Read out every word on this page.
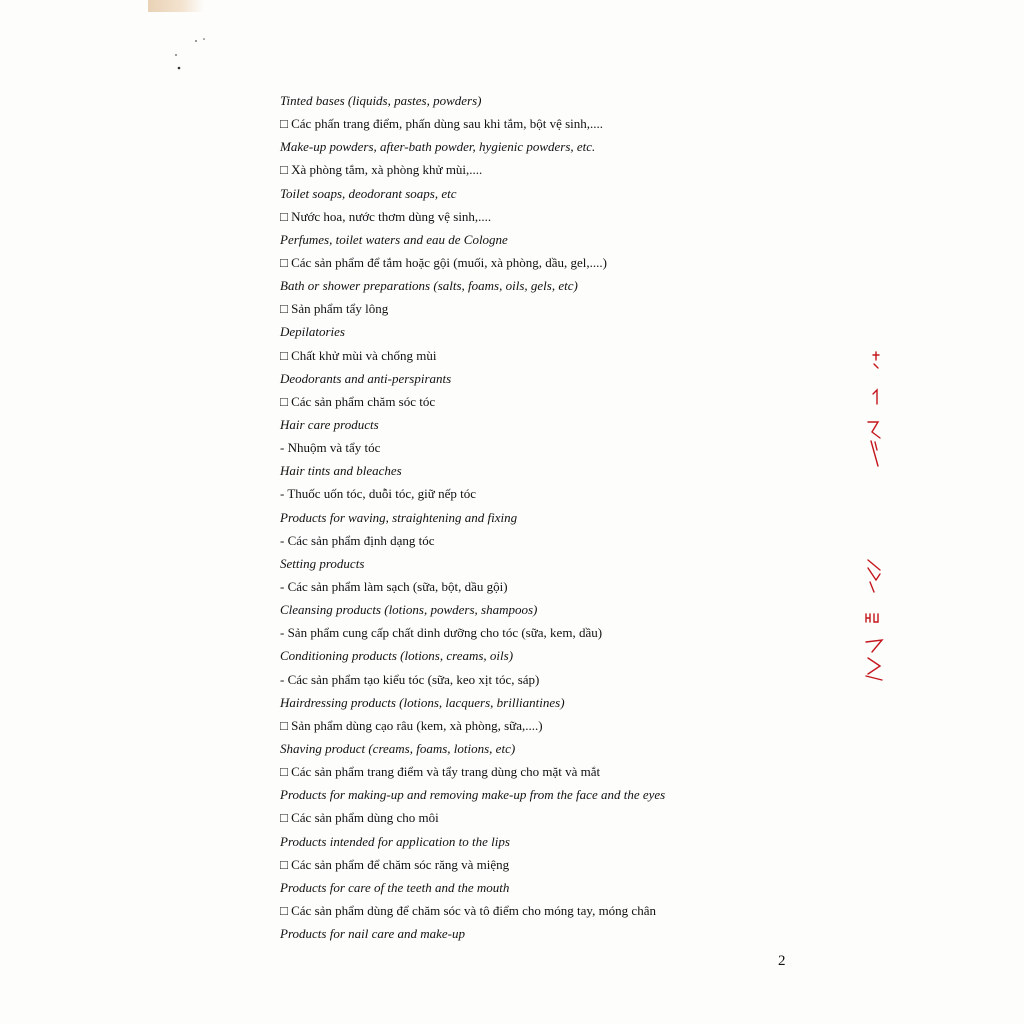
Tinted bases (liquids, pastes, powders)
□ Các phấn trang điểm, phấn dùng sau khi tắm, bột vệ sinh,....
Make-up powders, after-bath powder, hygienic powders, etc.
□ Xà phòng tắm, xà phòng khử mùi,....
Toilet soaps, deodorant soaps, etc
□ Nước hoa, nước thơm dùng vệ sinh,....
Perfumes, toilet waters and eau de Cologne
□ Các sản phẩm để tắm hoặc gội (muối, xà phòng, dầu, gel,....)
Bath or shower preparations (salts, foams, oils, gels, etc)
□ Sản phẩm tẩy lông
Depilatories
□ Chất khử mùi và chống mùi
Deodorants and anti-perspirants
□ Các sản phẩm chăm sóc tóc
Hair care products
- Nhuộm và tẩy tóc
Hair tints and bleaches
- Thuốc uốn tóc, duỗi tóc, giữ nếp tóc
Products for waving, straightening and fixing
- Các sản phẩm định dạng tóc
Setting products
- Các sản phẩm làm sạch (sữa, bột, dầu gội)
Cleansing products (lotions, powders, shampoos)
- Sản phẩm cung cấp chất dinh dưỡng cho tóc (sữa, kem, dầu)
Conditioning products (lotions, creams, oils)
- Các sản phẩm tạo kiểu tóc (sữa, keo xịt tóc, sáp)
Hairdressing products (lotions, lacquers, brilliantines)
□ Sản phẩm dùng cạo râu (kem, xà phòng, sữa,....)
Shaving product (creams, foams, lotions, etc)
□ Các sản phẩm trang điểm và tẩy trang dùng cho mặt và mắt
Products for making-up and removing make-up from the face and the eyes
□ Các sản phẩm dùng cho môi
Products intended for application to the lips
□ Các sản phẩm để chăm sóc răng và miệng
Products for care of the teeth and the mouth
□ Các sản phẩm dùng để chăm sóc và tô điểm cho móng tay, móng chân
Products for nail care and make-up
2
